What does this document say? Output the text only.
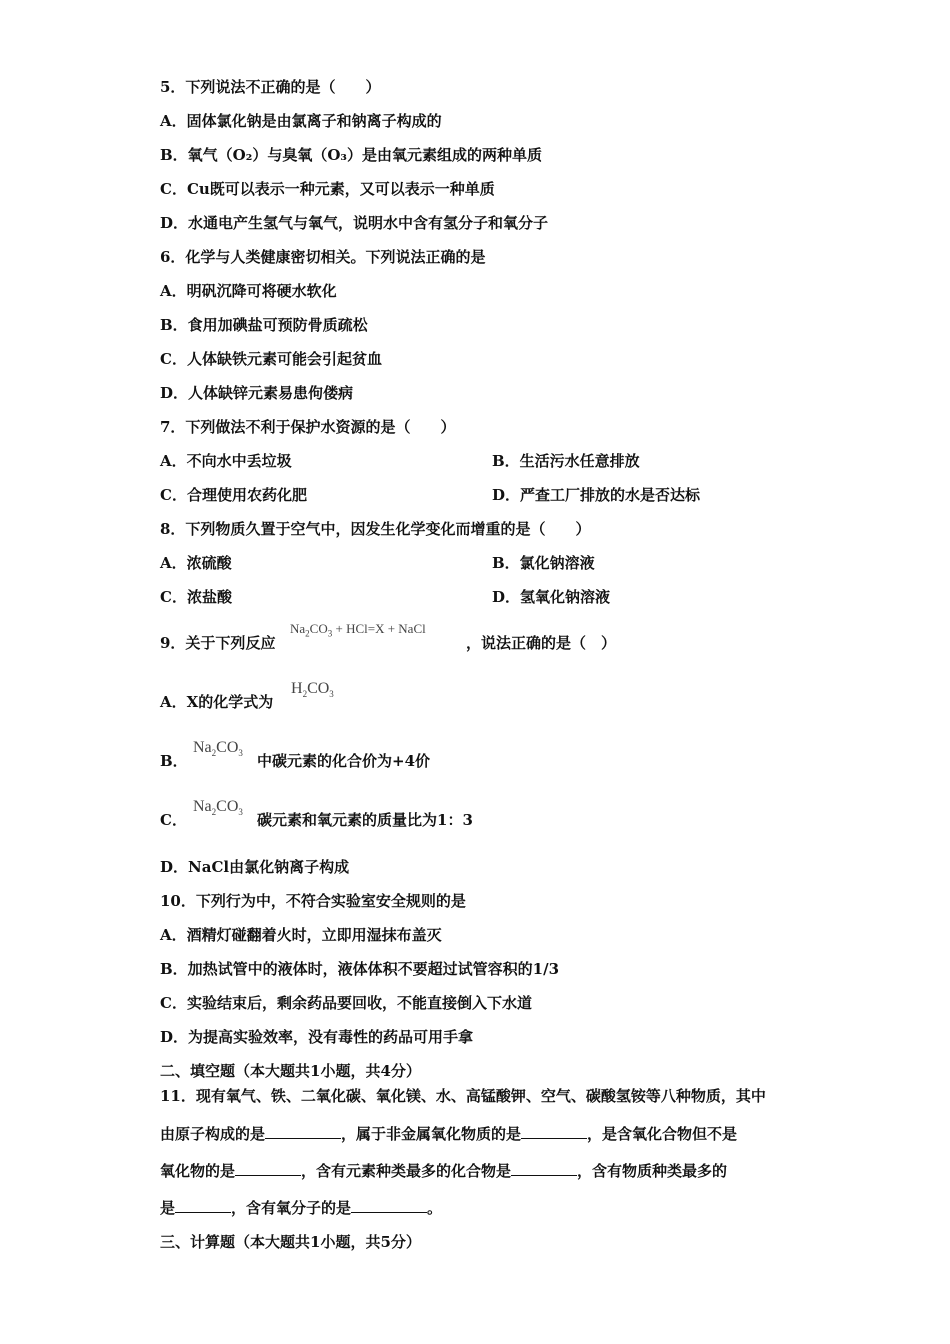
5．下列说法不正确的是（　　）
A．固体氯化钠是由氯离子和钠离子构成的
B．氧气（O₂）与臭氧（O₃）是由氧元素组成的两种单质
C．Cu既可以表示一种元素，又可以表示一种单质
D．水通电产生氢气与氧气，说明水中含有氢分子和氧分子
6．化学与人类健康密切相关。下列说法正确的是
A．明矾沉降可将硬水软化
B．食用加碘盐可预防骨质疏松
C．人体缺铁元素可能会引起贫血
D．人体缺锌元素易患佝偻病
7．下列做法不利于保护水资源的是（　　）
A．不向水中丢垃圾	B．生活污水任意排放
C．合理使用农药化肥	D．严查工厂排放的水是否达标
8．下列物质久置于空气中，因发生化学变化而增重的是（　　）
A．浓硫酸	B．氯化钠溶液
C．浓盐酸	D．氢氧化钠溶液
9．关于下列反应
$Na_2CO_3 + HCl=X$ + NaCl
，说法正确的是（　）
A．X的化学式为
$H_2CO_3$
B．
$Na_2CO_3$ 中碳元素的化合价为+4价
C．
$Na_2CO_3$ 碳元素和氧元素的质量比为1：3
D．NaCl由氯化钠离子构成
10．下列行为中，不符合实验室安全规则的是
A．酒精灯碰翻着火时，立即用湿抹布盖灭
B．加热试管中的液体时，液体体积不要超过试管容积的1/3
C．实验结束后，剩余药品要回收，不能直接倒入下水道
D．为提高实验效率，没有毒性的药品可用手拿
二、填空题（本大题共1小题，共4分）
11．现有氧气、铁、二氧化碳、氧化镁、水、高锰酸钾、空气、碳酸氢铵等八种物质，其中
由原子构成的是	，属于非金属氧化物质的是	，是含氧化合物但不是
氧化物的是	，含有元素种类最多的化合物是	，含有物质种类最多的
是	，含有氧分子的是	。
三、计算题（本大题共1小题，共5分）
